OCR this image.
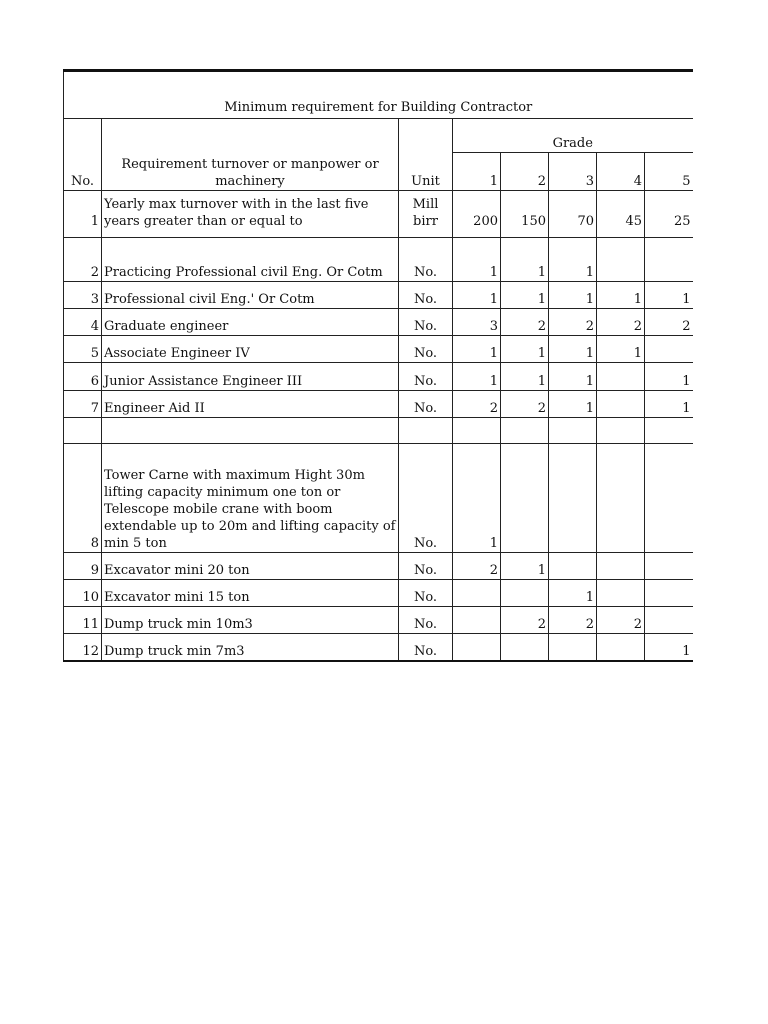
Minimum requirement for Building Contractor							
No.	Requirement turnover or manpower or machinery	Unit	Grade				
			1	2	3	4	5
1	Yearly max turnover with in the last five years greater than or equal to	Mill birr	200	150	70	45	25
2	Practicing Professional civil Eng. Or Cotm	No.	1	1	1		
3	Professional civil Eng.' Or Cotm	No.	1	1	1	1	1
4	Graduate engineer	No.	3	2	2	2	2
5	Associate Engineer IV	No.	1	1	1	1	
6	Junior Assistance Engineer III	No.	1	1	1		1
7	Engineer Aid II	No.	2	2	1		1

8	Tower Carne with maximum Hight 30m lifting capacity minimum one ton or Telescope mobile crane with boom extendable up to 20m and lifting capacity of min 5 ton	No.	1				
9	Excavator mini 20 ton	No.	2	1			
10	Excavator mini 15 ton	No.			1		
11	Dump truck min 10m3	No.		2	2	2	
12	Dump truck min 7m3	No.					1
